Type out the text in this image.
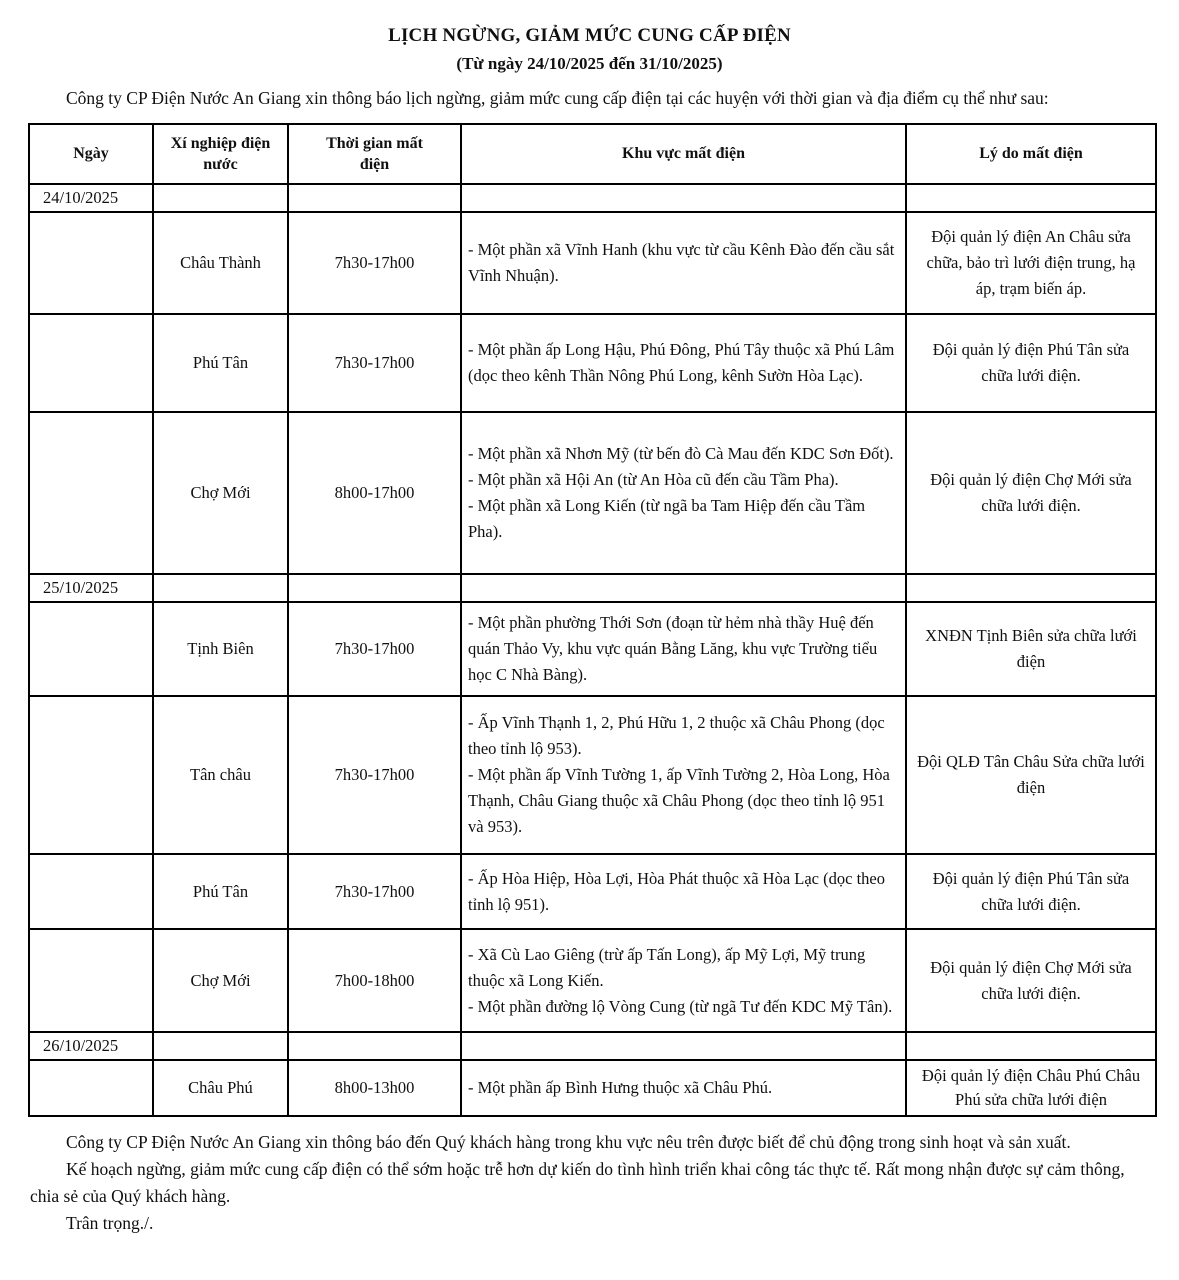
LỊCH NGỪNG, GIẢM MỨC CUNG CẤP ĐIỆN
(Từ ngày 24/10/2025 đến 31/10/2025)
Công ty CP Điện Nước An Giang xin thông báo lịch ngừng, giảm mức cung cấp điện tại các huyện với thời gian và địa điểm cụ thể như sau:
Ngày	Xí nghiệp điện nước	Thời gian mất điện	Khu vực mất điện	Lý do mất điện
24/10/2025				
	Châu Thành	7h30-17h00	- Một phần xã Vĩnh Hanh (khu vực từ cầu Kênh Đào đến cầu sắt Vĩnh Nhuận).	Đội quản lý điện An Châu sửa chữa, bảo trì lưới điện trung, hạ áp, trạm biến áp.
	Phú Tân	7h30-17h00	- Một phần ấp Long Hậu, Phú Đông, Phú Tây thuộc xã Phú Lâm (dọc theo kênh Thần Nông Phú Long, kênh Sườn Hòa Lạc).	Đội quản lý điện Phú Tân sửa chữa lưới điện.
	Chợ Mới	8h00-17h00	- Một phần xã Nhơn Mỹ (từ bến đò Cà Mau đến KDC Sơn Đốt).
- Một phần xã Hội An (từ An Hòa cũ đến cầu Tầm Pha).
- Một phần xã Long Kiến (từ ngã ba Tam Hiệp đến cầu Tầm Pha).	Đội quản lý điện Chợ Mới sửa chữa lưới điện.
25/10/2025				
	Tịnh Biên	7h30-17h00	- Một phần phường Thới Sơn (đoạn từ hẻm nhà thầy Huệ đến quán Thảo Vy, khu vực quán Bằng Lăng, khu vực Trường tiểu học C Nhà Bàng).	XNĐN Tịnh Biên sửa chữa lưới điện
	Tân châu	7h30-17h00	- Ấp Vĩnh Thạnh 1, 2, Phú Hữu 1, 2 thuộc xã Châu Phong (dọc theo tỉnh lộ 953).
- Một phần ấp Vĩnh Tường 1, ấp Vĩnh Tường 2, Hòa Long, Hòa Thạnh, Châu Giang thuộc xã Châu Phong (dọc theo tỉnh lộ 951 và 953).	Đội QLĐ Tân Châu Sửa chữa lưới điện
	Phú Tân	7h30-17h00	- Ấp Hòa Hiệp, Hòa Lợi, Hòa Phát thuộc xã Hòa Lạc (dọc theo tỉnh lộ 951).	Đội quản lý điện Phú Tân sửa chữa lưới điện.
	Chợ Mới	7h00-18h00	- Xã Cù Lao Giêng (trừ ấp Tấn Long), ấp Mỹ Lợi, Mỹ trung thuộc xã Long Kiến.
- Một phần đường lộ Vòng Cung (từ ngã Tư đến KDC Mỹ Tân).	Đội quản lý điện Chợ Mới sửa chữa lưới điện.
26/10/2025				
	Châu Phú	8h00-13h00	- Một phần ấp Bình Hưng thuộc xã Châu Phú.	Đội quản lý điện Châu Phú Châu Phú sửa chữa lưới điện

Công ty CP Điện Nước An Giang xin thông báo đến Quý khách hàng trong khu vực nêu trên được biết để chủ động trong sinh hoạt và sản xuất.

Kế hoạch ngừng, giảm mức cung cấp điện có thể sớm hoặc trễ hơn dự kiến do tình hình triển khai công tác thực tế. Rất mong nhận được sự cảm thông, chia sẻ của Quý khách hàng.

Trân trọng./.
